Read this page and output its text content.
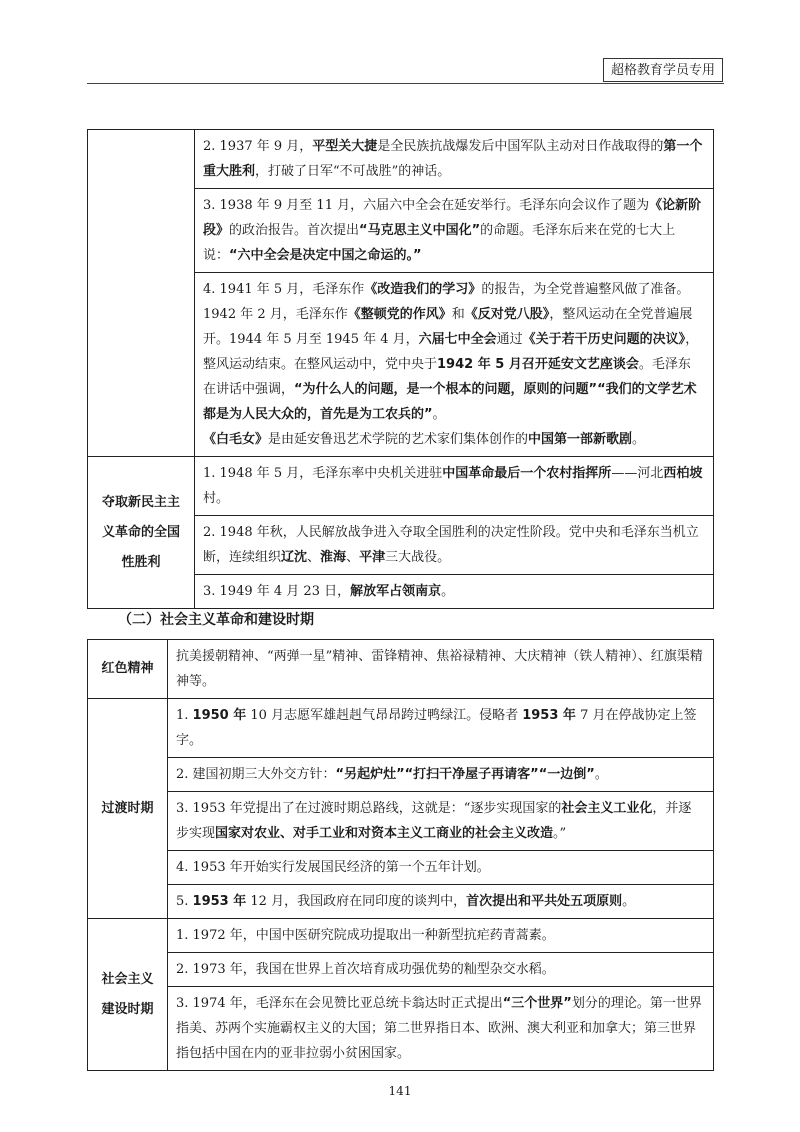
超格教育学员专用
	2. 1937 年 9 月，平型关大捷是全民族抗战爆发后中国军队主动对日作战取得的第一个重大胜利，打破了日军“不可战胜”的神话。
	3. 1938 年 9 月至 11 月，六届六中全会在延安举行。毛泽东向会议作了题为《论新阶段》的政治报告。首次提出“马克思主义中国化”的命题。毛泽东后来在党的七大上说：“六中全会是决定中国之命运的。”
	4. 1941 年 5 月，毛泽东作《改造我们的学习》的报告，为全党普遍整风做了准备。1942 年 2 月，毛泽东作《整顿党的作风》和《反对党八股》，整风运动在全党普遍展开。1944 年 5 月至 1945 年 4 月，六届七中全会通过《关于若干历史问题的决议》，整风运动结束。在整风运动中，党中央于1942 年 5 月召开延安文艺座谈会。毛泽东在讲话中强调，“为什么人的问题，是一个根本的问题，原则的问题”“我们的文学艺术都是为人民大众的，首先是为工农兵的”。
《白毛女》是由延安鲁迅艺术学院的艺术家们集体创作的中国第一部新歌剧。
夺取新民主主义革命的全国性胜利	1. 1948 年 5 月，毛泽东率中央机关进驻中国革命最后一个农村指挥所——河北西柏坡村。
	2. 1948 年秋，人民解放战争进入夺取全国胜利的决定性阶段。党中央和毛泽东当机立断，连续组织辽沈、淮海、平津三大战役。
	3. 1949 年 4 月 23 日，解放军占领南京。
（二）社会主义革命和建设时期
红色精神	抗美援朝精神、“两弹一星”精神、雷锋精神、焦裕禄精神、大庆精神（铁人精神）、红旗渠精神等。
过渡时期	1. 1950 年 10 月志愿军雄赳赳气昂昂跨过鸭绿江。侵略者 1953 年 7 月在停战协定上签字。
	2. 建国初期三大外交方针：“另起炉灶”“打扫干净屋子再请客”“一边倒”。
	3. 1953 年党提出了在过渡时期总路线，这就是：“逐步实现国家的社会主义工业化，并逐步实现国家对农业、对手工业和对资本主义工商业的社会主义改造。”
	4. 1953 年开始实行发展国民经济的第一个五年计划。
	5. 1953 年 12 月，我国政府在同印度的谈判中，首次提出和平共处五项原则。
社会主义建设时期	1. 1972 年，中国中医研究院成功提取出一种新型抗疟药青蒿素。
	2. 1973 年，我国在世界上首次培育成功强优势的籼型杂交水稻。
	3. 1974 年，毛泽东在会见赞比亚总统卡翁达时正式提出“三个世界”划分的理论。第一世界指美、苏两个实施霸权主义的大国；第二世界指日本、欧洲、澳大利亚和加拿大；第三世界指包括中国在内的亚非拉弱小贫困国家。
141
